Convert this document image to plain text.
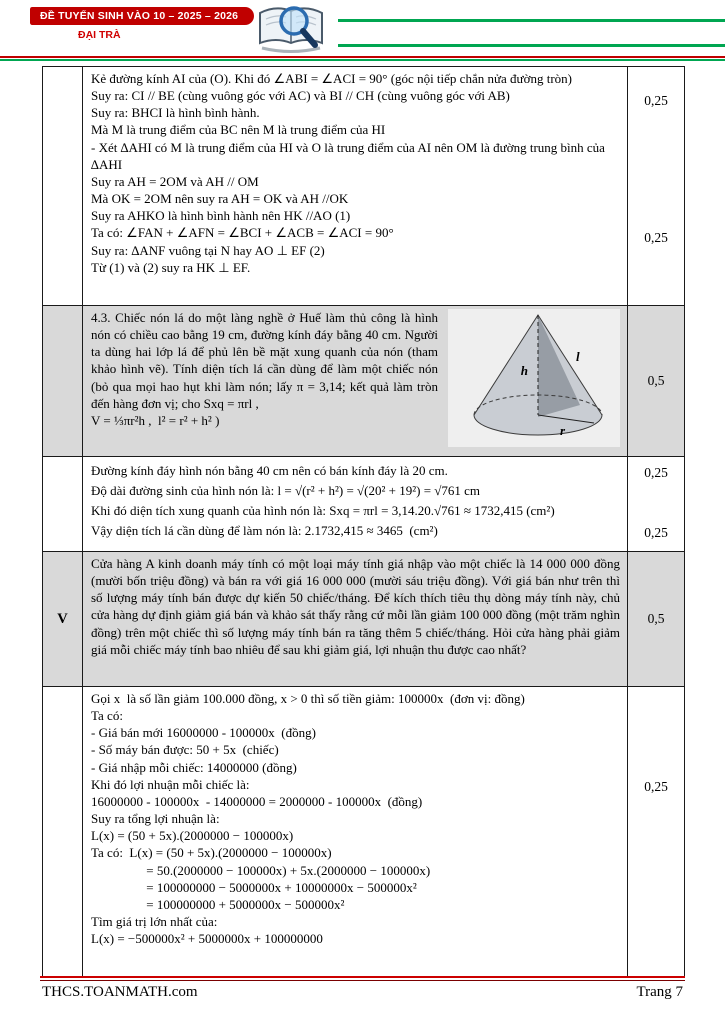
ĐỀ TUYỂN SINH VÀO 10 – 2025 – 2026
ĐẠI TRÀ
Kẻ đường kính AI của (O). Khi đó ∠ABI = ∠ACI = 90° (góc nội tiếp chắn nửa đường tròn)
Suy ra: CI // BE (cùng vuông góc với AC) và BI // CH (cùng vuông góc với AB)
Suy ra: BHCI là hình bình hành.
Mà M là trung điểm của BC nên M là trung điểm của HI
- Xét ∆AHI có M là trung điểm của HI và O là trung điểm của AI nên OM là đường trung bình của ∆AHI
Suy ra AH = 2OM và AH // OM
Mà OK = 2OM nên suy ra AH = OK và AH //OK
Suy ra AHKO là hình bình hành nên HK //AO (1)
Ta có: ∠FAN + ∠AFN = ∠BCI + ∠ACB = ∠ACI = 90°
Suy ra: ∆ANF vuông tại N hay AO ⊥ EF (2)
Từ (1) và (2) suy ra HK ⊥ EF.
0,25
0,25
h
l
r

4.3. Chiếc nón lá do một làng nghề ở Huế làm thủ công là hình nón có chiều cao bằng 19 cm, đường kính đáy bằng 40 cm. Người ta dùng hai lớp lá để phủ lên bề mặt xung quanh của nón (tham khảo hình vẽ). Tính diện tích lá cần dùng để làm một chiếc nón (bỏ qua mọi hao hụt khi làm nón; lấy π = 3,14; kết quả làm tròn đến hàng đơn vị; cho Sxq = πrl ,

V = ⅓πr²h ,  l² = r² + h² )
0,5
Đường kính đáy hình nón bằng 40 cm nên có bán kính đáy là 20 cm.
Độ dài đường sinh của hình nón là: l = √(r² + h²) = √(20² + 19²) = √761 cm
Khi đó diện tích xung quanh của hình nón là: Sxq = πrl = 3,14.20.√761 ≈ 1732,415 (cm²)
Vậy diện tích lá cần dùng để làm nón là: 2.1732,415 ≈ 3465  (cm²)
0,25
0,25
V

Cửa hàng A kinh doanh máy tính có một loại máy tính giá nhập vào một chiếc là 14 000 000 đồng (mười bốn triệu đồng) và bán ra với giá 16 000 000 (mười sáu triệu đồng). Với giá bán như trên thì số lượng máy tính bán được dự kiến 50 chiếc/tháng. Để kích thích tiêu thụ dòng máy tính này, chủ cửa hàng dự định giảm giá bán và khảo sát thấy rằng cứ mỗi lần giảm 100 000 đồng (một trăm nghìn đồng) trên một chiếc thì số lượng máy tính bán ra tăng thêm 5 chiếc/tháng. Hỏi cửa hàng phải giảm giá mỗi chiếc máy tính bao nhiêu để sau khi giảm giá, lợi nhuận thu được cao nhất?

0,5
Gọi x  là số lần giảm 100.000 đồng, x > 0 thì số tiền giảm: 100000x  (đơn vị: đồng)
Ta có:
- Giá bán mới 16000000 - 100000x  (đồng)
- Số máy bán được: 50 + 5x  (chiếc)
- Giá nhập mỗi chiếc: 14000000 (đồng)
Khi đó lợi nhuận mỗi chiếc là:
16000000 - 100000x  - 14000000 = 2000000 - 100000x  (đồng)
Suy ra tổng lợi nhuận là:
L(x) = (50 + 5x).(2000000 − 100000x)
Ta có:  L(x) = (50 + 5x).(2000000 − 100000x)
= 50.(2000000 − 100000x) + 5x.(2000000 − 100000x)
= 100000000 − 5000000x + 10000000x − 500000x²
= 100000000 + 5000000x − 500000x²
Tìm giá trị lớn nhất của:
L(x) = −500000x² + 5000000x + 100000000
0,25
THCS.TOANMATH.com	Trang 7
